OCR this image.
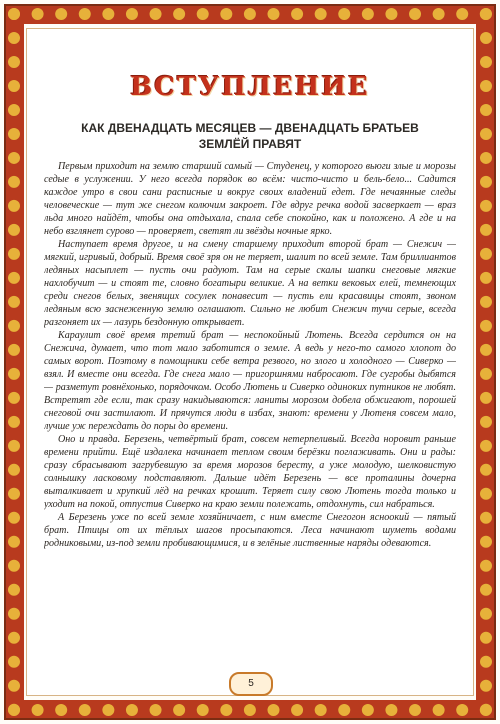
ВСТУПЛЕНИЕ
КАК ДВЕНАДЦАТЬ МЕСЯЦЕВ — ДВЕНАДЦАТЬ БРАТЬЕВ
ЗЕМЛЁЙ ПРАВЯТ

Первым приходит на землю старший самый — Студенец, у которого вьюги злые и морозы седые в услужении. У него всегда порядок во всём: чисто-чисто и бель-бело... Садится каждое утро в свои сани расписные и вокруг своих владений едет. Где нечаянные следы человеческие — тут же снегом колючим закроет. Где вдруг речка водой засверкает — враз льда много найдёт, чтобы она отдыхала, спала себе спокойно, как и положено. А где и на небо взглянет сурово — проверяет, светят ли звёзды ночные ярко.

Наступает время другое, и на смену старшему приходит второй брат — Снежич — мягкий, игривый, добрый. Время своё зря он не теряет, шалит по всей земле. Там бриллиантов ледяных насыплет — пусть очи радуют. Там на серые скалы шапки снеговые мягкие нахлобучит — и стоят те, словно богатыри великие. А на ветки вековых елей, темнеющих среди снегов белых, звенящих сосулек понавесит — пусть ели красавицы стоят, звоном ледяным всю заснеженную землю оглашают. Сильно не любит Снежич тучи серые, всегда разгоняет их — лазурь бездонную открывает.

Караулит своё время третий брат — неспокойный Лютень. Всегда сердится он на Снежича, думает, что тот мало заботится о земле. А ведь у него-то самого хлопот до самых ворот. Поэтому в помощники себе ветра резвого, но злого и холодного — Сиверко — взял. И вместе они всегда. Где снега мало — пригоршнями набросают. Где сугробы дыбятся — разметут ровнёхонько, порядочком. Особо Лютень и Сиверко одиноких путников не любят. Встретят где если, так сразу накидываются: ланиты морозом добела обжигают, порошей снеговой очи застилают. И прячутся люди в избах, знают: времени у Лютеня совсем мало, лучше уж переждать до поры до времени.

Оно и правда. Березень, четвёртый брат, совсем нетерпеливый. Всегда норовит раньше времени прийти. Ещё издалека начинает теплом своим берёзки поглаживать. Они и рады: сразу сбрасывают загрубевшую за время морозов бересту, а уже молодую, шелковистую солнышку ласковому подставляют. Дальше идёт Березень — все проталины дочерна выталкивает и хрупкий лёд на речках крошит. Теряет силу свою Лютень тогда только и уходит на покой, отпустив Сиверко на краю земли полежать, отдохнуть, сил набраться.

А Березень уже по всей земле хозяйничает, с ним вместе Снегогон ясноокий — пятый брат. Птицы от их тёплых шагов просыпаются. Леса начинают шуметь водами родниковыми, из-под земли пробивающимися, и в зелёные лиственные наряды одеваются.

5
